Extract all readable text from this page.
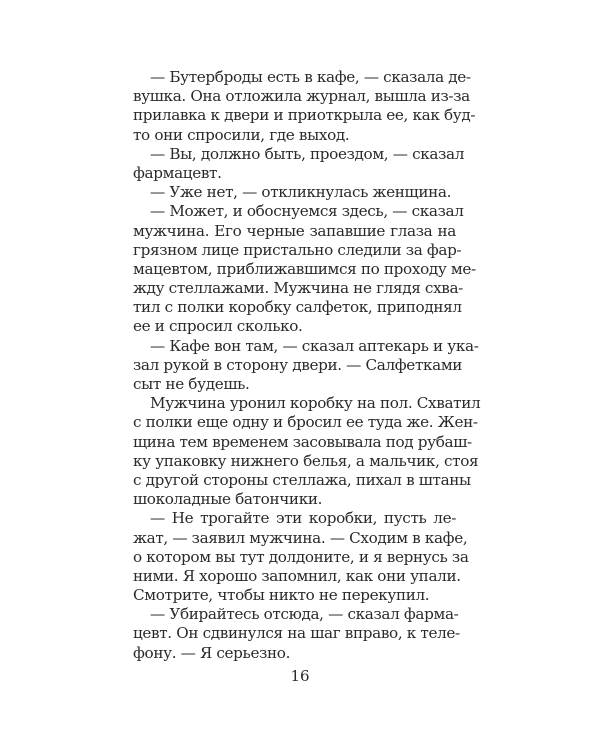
— Бутерброды есть в кафе, — сказала де-
вушка. Она отложила журнал, вышла из-за
прилавка к двери и приоткрыла ее, как буд-
то они спросили, где выход.
— Вы, должно быть, проездом, — сказал
фармацевт.
— Уже нет, — откликнулась женщина.
— Может, и обоснуемся здесь, — сказал
мужчина. Его черные запавшие глаза на
грязном лице пристально следили за фар-
мацевтом, приближавшимся по проходу ме-
жду стеллажами. Мужчина не глядя схва-
тил с полки коробку салфеток, приподнял
ее и спросил сколько.
— Кафе вон там, — сказал аптекарь и ука-
зал рукой в сторону двери. — Салфетками
сыт не будешь.
Мужчина уронил коробку на пол. Схватил
с полки еще одну и бросил ее туда же. Жен-
щина тем временем засовывала под рубаш-
ку упаковку нижнего белья, а мальчик, стоя
с другой стороны стеллажа, пихал в штаны
шоколадные батончики.
— Не трогайте эти коробки, пусть ле-
жат, — заявил мужчина. — Сходим в кафе,
о котором вы тут долдоните, и я вернусь за
ними. Я хорошо запомнил, как они упали.
Смотрите, чтобы никто не перекупил.
— Убирайтесь отсюда, — сказал фарма-
цевт. Он сдвинулся на шаг вправо, к теле-
фону. — Я серьезно.
16
